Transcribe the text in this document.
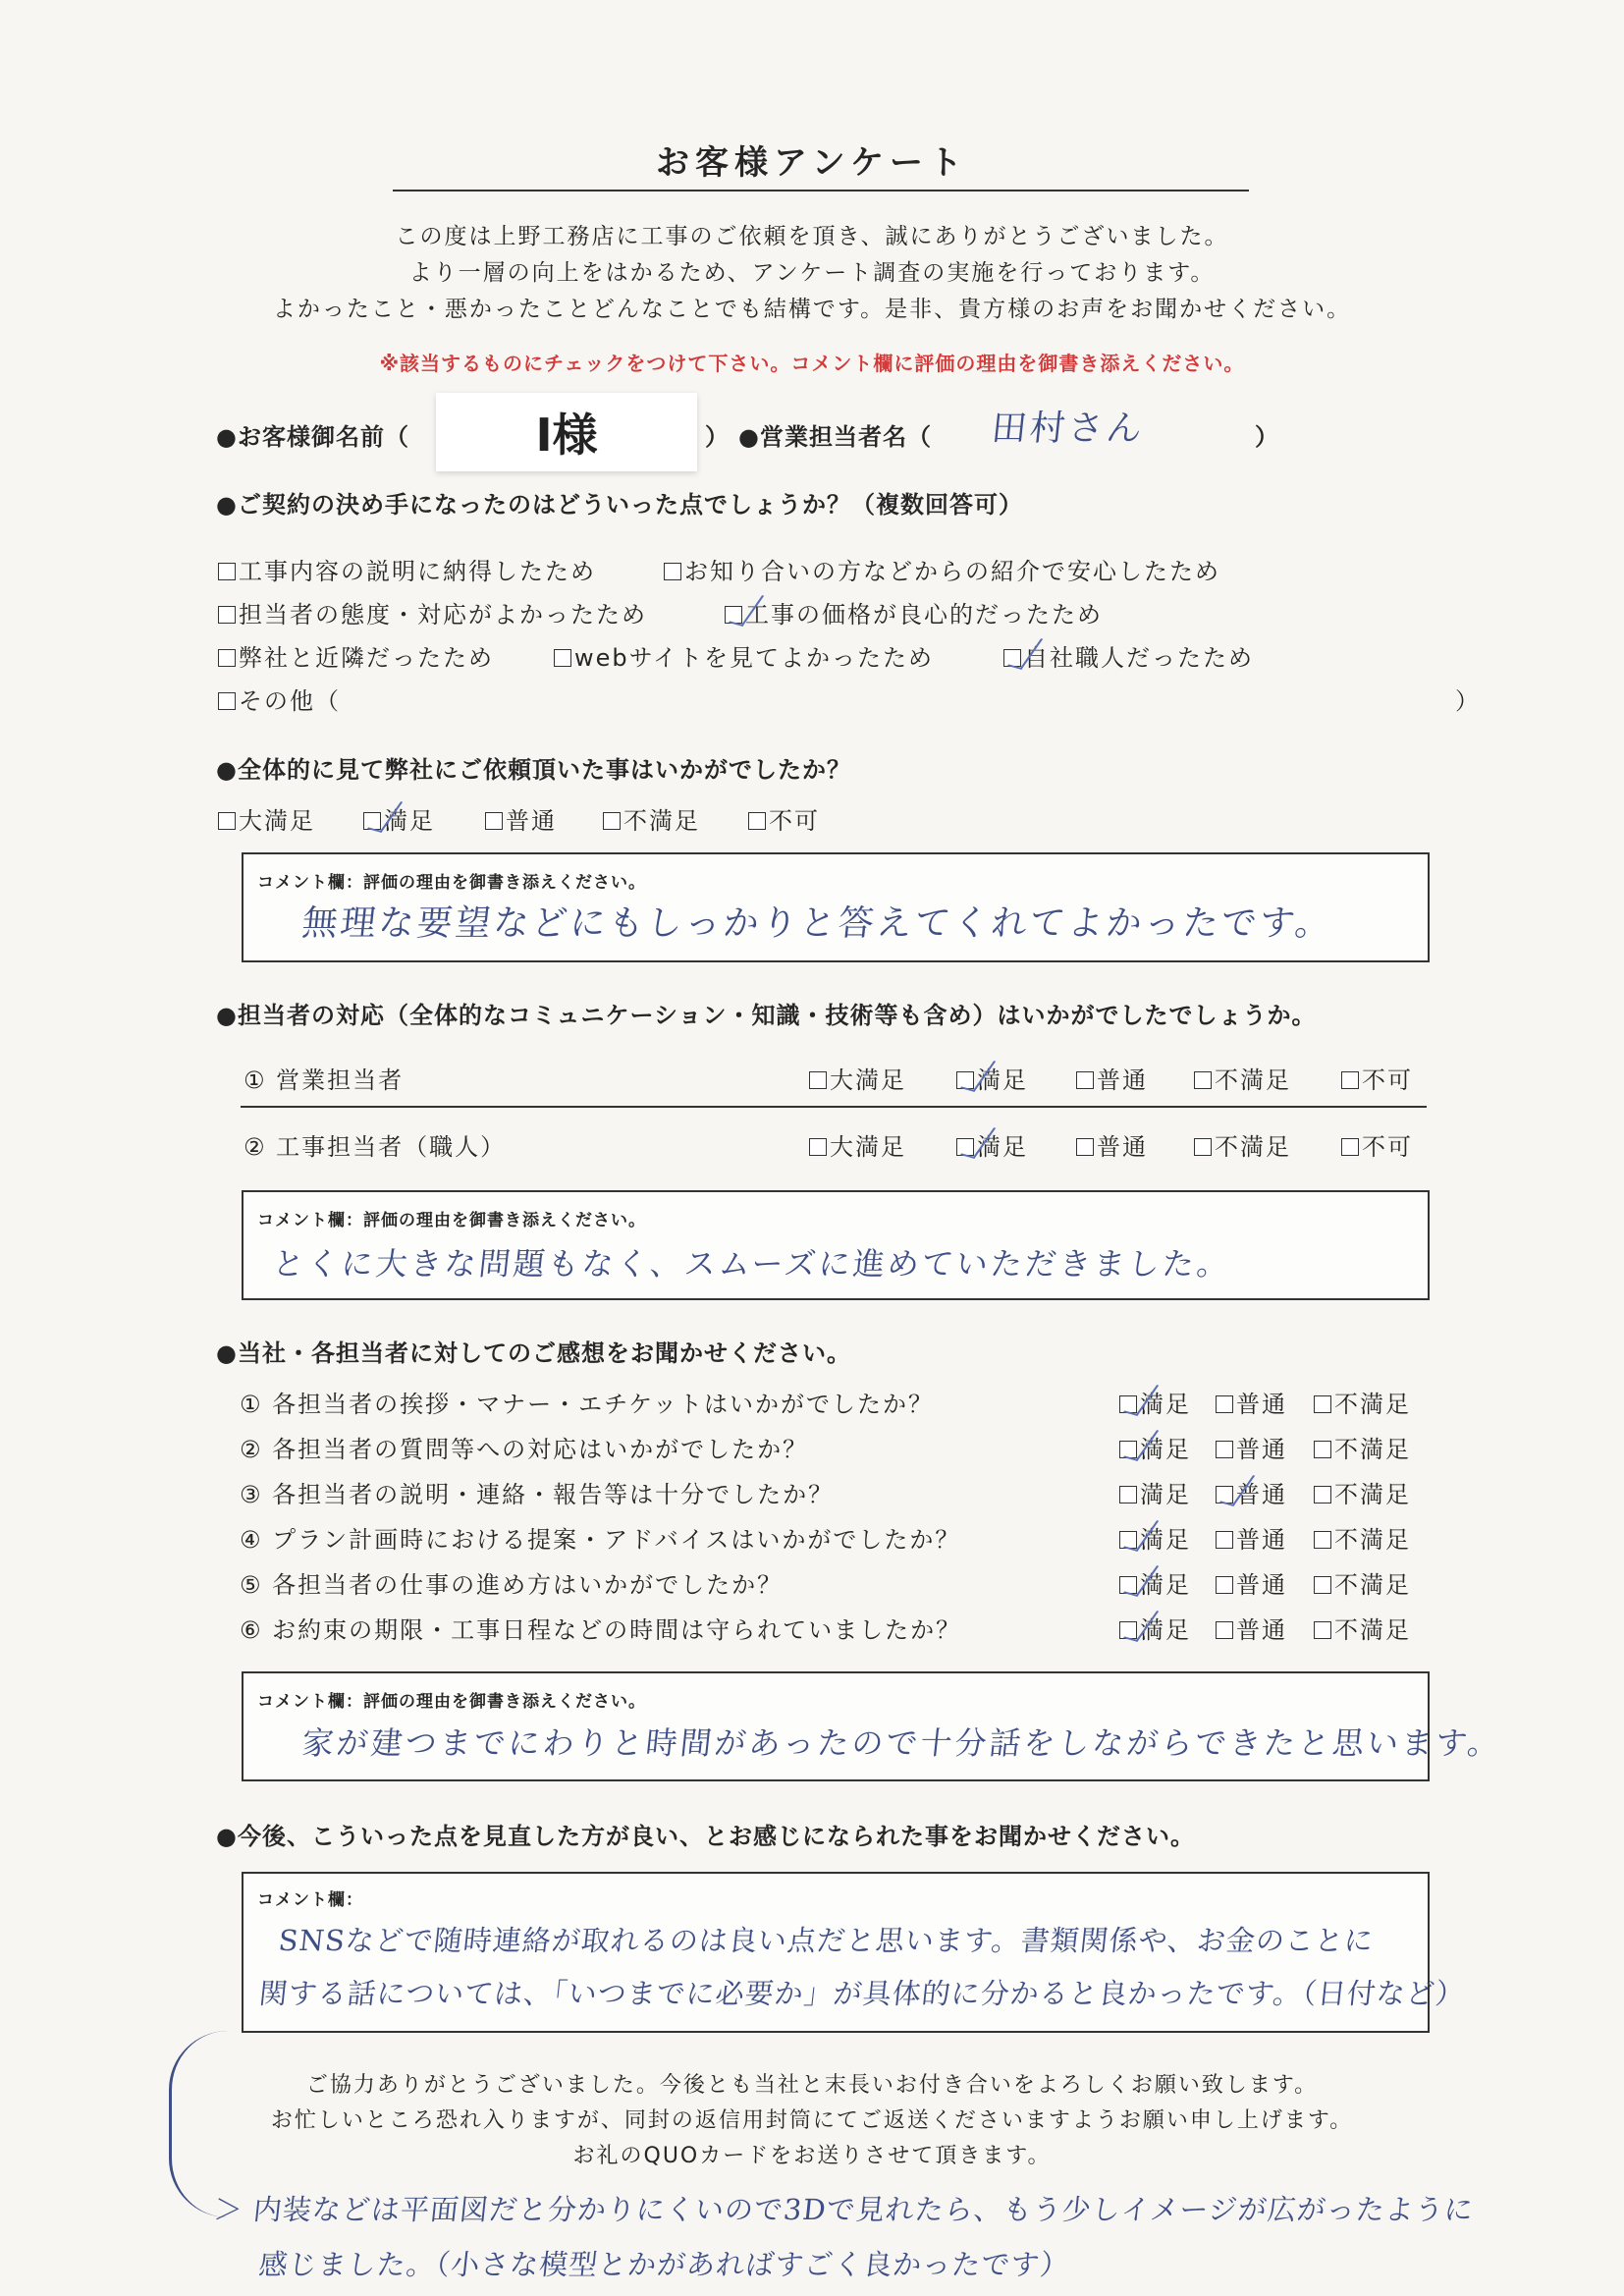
お客様アンケート
この度は上野工務店に工事のご依頼を頂き、誠にありがとうございました。
より一層の向上をはかるため、アンケート調査の実施を行っております。
よかったこと・悪かったことどんなことでも結構です。是非、貴方様のお声をお聞かせください。
※該当するものにチェックをつけて下さい。コメント欄に評価の理由を御書き添えください。
●お客様御名前（	I様	） ●営業担当者名（ 田村さん	）
●ご契約の決め手になったのはどういった点でしょうか？（複数回答可）
工事内容の説明に納得したため	お知り合いの方などからの紹介で安心したため
担当者の態度・対応がよかったため	工事の価格が良心的だったため
弊社と近隣だったため	webサイトを見てよかったため	自社職人だったため
その他（	）
●全体的に見て弊社にご依頼頂いた事はいかがでしたか？
大満足	満足	普通	不満足	不可
コメント欄：評価の理由を御書き添えください。
無理な要望などにもしっかりと答えてくれてよかったです。
●担当者の対応（全体的なコミュニケーション・知識・技術等も含め）はいかがでしたでしょうか。
① 営業担当者	大満足	満足	普通	不満足	不可
② 工事担当者（職人）	大満足	満足	普通	不満足	不可
コメント欄：評価の理由を御書き添えください。
とくに大きな問題もなく、スムーズに進めていただきました。
●当社・各担当者に対してのご感想をお聞かせください。
① 各担当者の挨拶・マナー・エチケットはいかがでしたか？	満足	普通	不満足
② 各担当者の質問等への対応はいかがでしたか？	満足	普通	不満足
③ 各担当者の説明・連絡・報告等は十分でしたか？	満足	普通	不満足
④ プラン計画時における提案・アドバイスはいかがでしたか？	満足	普通	不満足
⑤ 各担当者の仕事の進め方はいかがでしたか？	満足	普通	不満足
⑥ お約束の期限・工事日程などの時間は守られていましたか？	満足	普通	不満足
コメント欄：評価の理由を御書き添えください。
家が建つまでにわりと時間があったので十分話をしながらできたと思います。
●今後、こういった点を見直した方が良い、とお感じになられた事をお聞かせください。
コメント欄：
SNSなどで随時連絡が取れるのは良い点だと思います。書類関係や、お金のことに
関する話については、「いつまでに必要か」が具体的に分かると良かったです。（日付など）
ご協力ありがとうございました。今後とも当社と末長いお付き合いをよろしくお願い致します。
お忙しいところ恐れ入りますが、同封の返信用封筒にてご返送くださいますようお願い申し上げます。
お礼のQUOカードをお送りさせて頂きます。
＞ 内装などは平面図だと分かりにくいので3Dで見れたら、もう少しイメージが広がったように
感じました。（小さな模型とかがあればすごく良かったです）
